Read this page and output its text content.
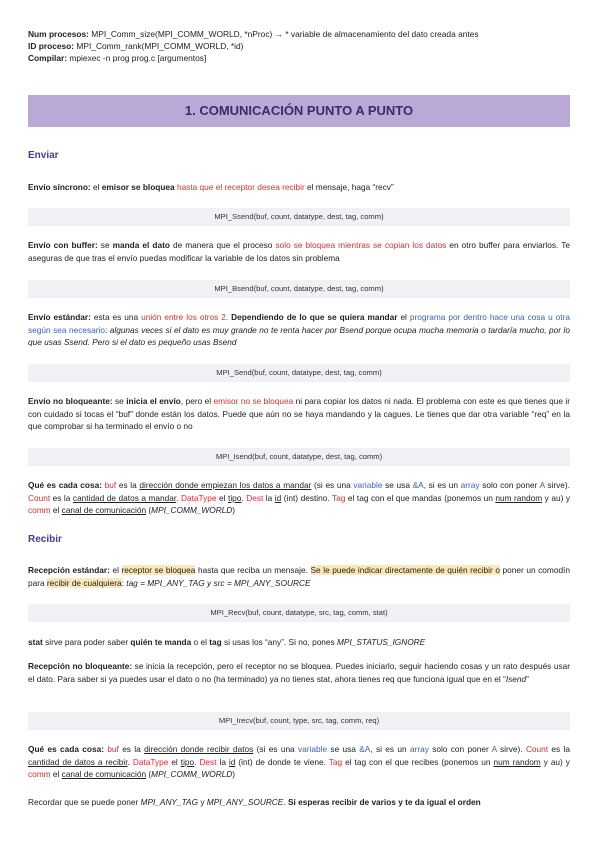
Num procesos: MPI_Comm_size(MPI_COMM_WORLD, *nProc) → * variable de almacenamiento del dato creada antes
ID proceso: MPI_Comm_rank(MPI_COMM_WORLD, *id)
Compilar: mpiexec -n prog prog.c [argumentos]
1. COMUNICACIÓN PUNTO A PUNTO
Enviar
Envío síncrono: el emisor se bloquea hasta que el receptor desea recibir el mensaje, haga “recv”
MPI_Ssend(buf, count, datatype, dest, tag, comm)
Envío con buffer: se manda el dato de manera que el proceso solo se bloquea mientras se copian los datos en otro buffer para enviarlos. Te aseguras de que tras el envío puedas modificar la variable de los datos sin problema
MPI_Bsend(buf, count, datatype, dest, tag, comm)
Envío estándar: esta es una unión entre los otros 2. Dependiendo de lo que se quiera mandar el programa por dentro hace una cosa u otra según sea necesario: algunas veces si el dato es muy grande no te renta hacer por Bsend porque ocupa mucha memoria o tardaría mucho, por lo que usas Ssend. Pero si el dato es pequeño usas Bsend
MPI_Send(buf, count, datatype, dest, tag, comm)
Envío no bloqueante: se inicia el envío, pero el emisor no se bloquea ni para copiar los datos ni nada. El problema con este es que tienes que ir con cuidado si tocas el “buf” donde están los datos. Puede que aún no se haya mandando y la cagues. Le tienes que dar otra variable “req” en la que comprobar si ha terminado el envío o no
MPI_Isend(buf, count, datatype, dest, tag, comm)
Qué es cada cosa: buf es la dirección donde empiezan los datos a mandar (si es una variable se usa &A, si es un array solo con poner A sirve). Count es la cantidad de datos a mandar. DataType el tipo. Dest la id (int) destino. Tag el tag con el que mandas (ponemos un num random y au) y comm el canal de comunicación (MPI_COMM_WORLD)
Recibir
Recepción estándar: el receptor se bloquea hasta que reciba un mensaje. Se le puede indicar directamente de quién recibir o poner un comodín para recibir de cualquiera: tag = MPI_ANY_TAG y src = MPI_ANY_SOURCE
MPI_Recv(buf, count, datatype, src, tag, comm, stat)
stat sirve para poder saber quién te manda o el tag si usas los “any”. Si no, pones MPI_STATUS_IGNORE
Recepción no bloqueante: se inicia la recepción, pero el receptor no se bloquea. Puedes iniciarlo, seguir haciendo cosas y un rato después usar el dato. Para saber si ya puedes usar el dato o no (ha terminado) ya no tienes stat, ahora tienes req que funciona igual que en el “Isend”
MPI_Irecv(buf, count, type, src, tag, comm, req)
Qué es cada cosa: buf es la dirección donde recibir datos (si es una variable se usa &A, si es un array solo con poner A sirve). Count es la cantidad de datos a recibir. DataType el tipo. Dest la id (int) de donde te viene. Tag el tag con el que recibes (ponemos un num random y au) y comm el canal de comunicación (MPI_COMM_WORLD)
Recordar que se puede poner MPI_ANY_TAG y MPI_ANY_SOURCE. Si esperas recibir de varios y te da igual el orden
